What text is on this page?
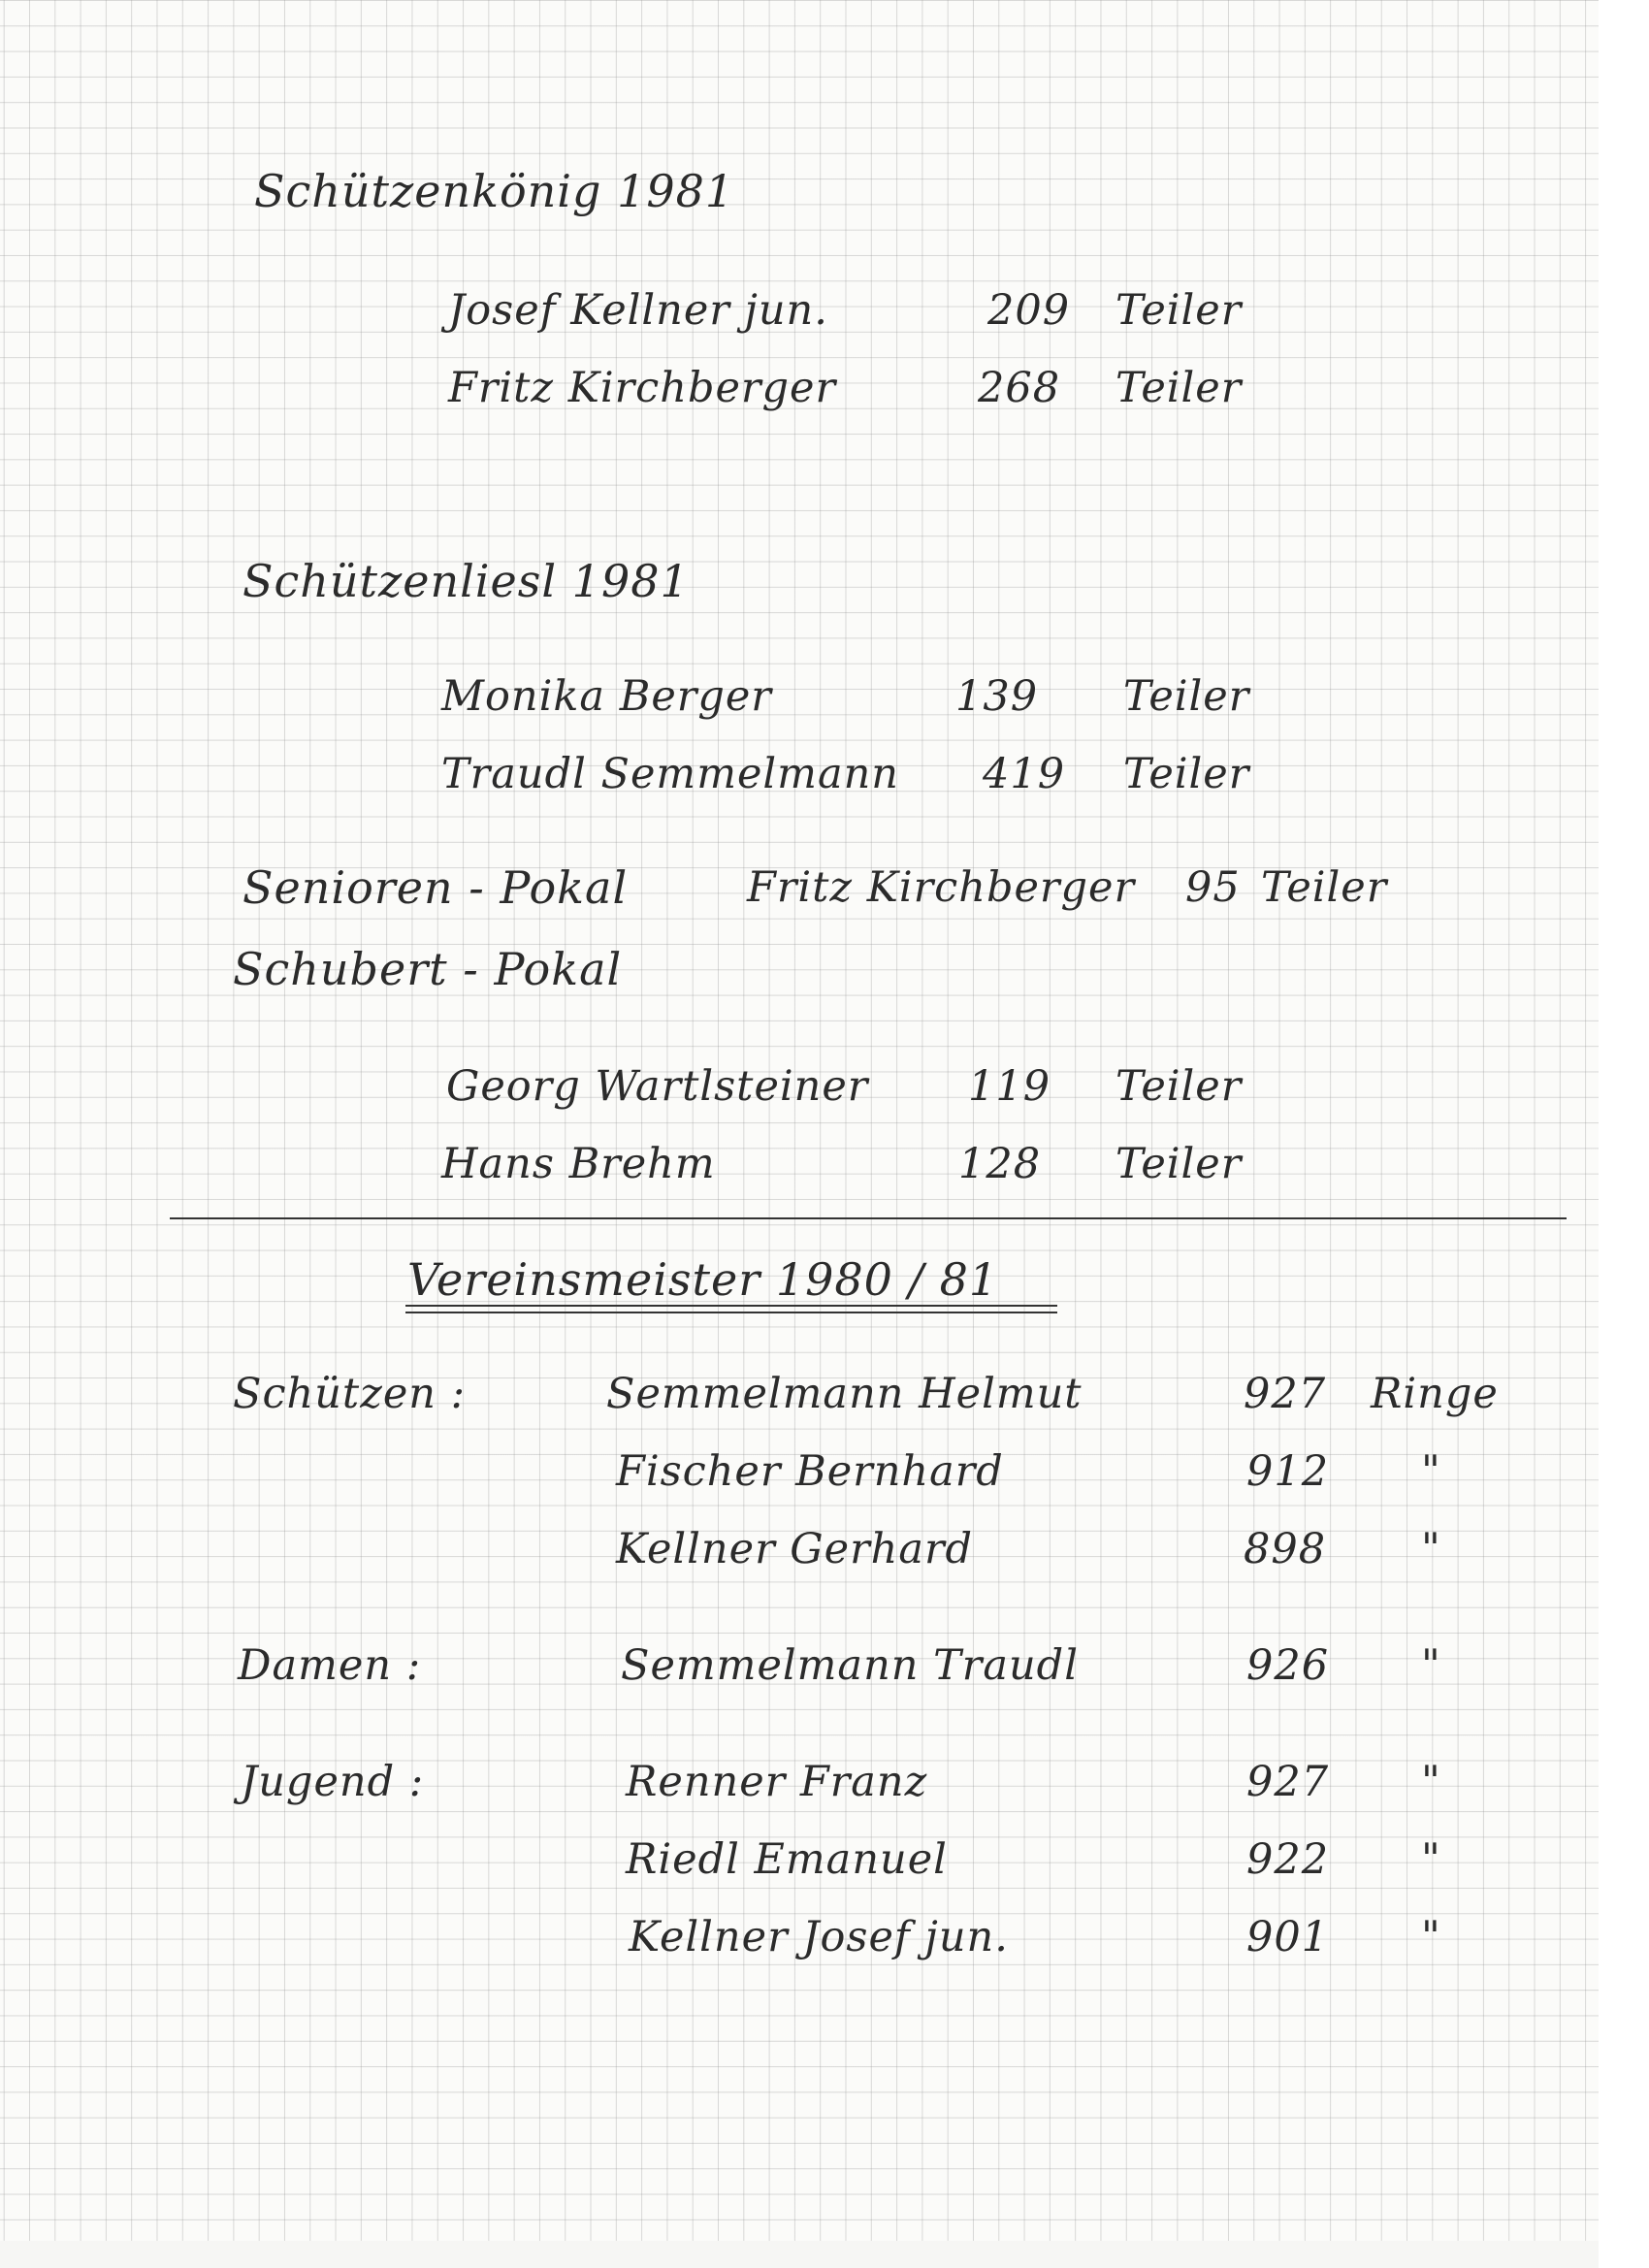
Schützenkönig 1981
Josef Kellner jun.	209 Teiler
Fritz Kirchberger	268 Teiler
Schützenliesl 1981
Monika Berger	139 Teiler
Traudl Semmelmann 419 Teiler
Senioren - Pokal	Fritz Kirchberger 95 Teiler
Schubert - Pokal
Georg Wartlsteiner 119 Teiler
Hans Brehm	128 Teiler
Vereinsmeister 1980 / 81
Schützen :	Semmelmann Helmut	927 Ringe
Fischer Bernhard	912 "
Kellner Gerhard	898 "
Damen :	Semmelmann Traudl	926 "
Jugend :	Renner Franz	927 "
Riedl Emanuel	922 "
Kellner Josef jun.	901 "
